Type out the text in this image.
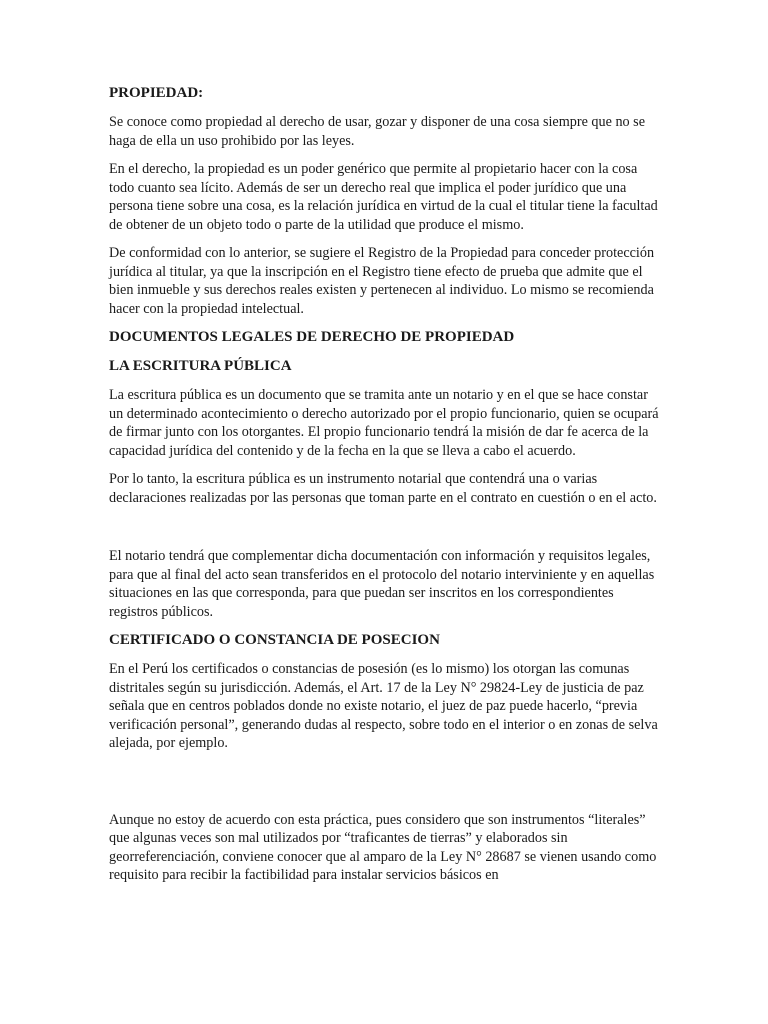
PROPIEDAD:

Se conoce como propiedad al derecho de usar, gozar y disponer de una cosa siempre que no se haga de ella un uso prohibido por las leyes.

En el derecho, la propiedad es un poder genérico que permite al propietario hacer con la cosa todo cuanto sea lícito. Además de ser un derecho real que implica el poder jurídico que una persona tiene sobre una cosa, es la relación jurídica en virtud de la cual el titular tiene la facultad de obtener de un objeto todo o parte de la utilidad que produce el mismo.

De conformidad con lo anterior, se sugiere el Registro de la Propiedad para conceder protección jurídica al titular, ya que la inscripción en el Registro tiene efecto de prueba que admite que el bien inmueble y sus derechos reales existen y pertenecen al individuo. Lo mismo se recomienda hacer con la propiedad intelectual.

DOCUMENTOS LEGALES DE DERECHO DE PROPIEDAD
LA ESCRITURA PÚBLICA

La escritura pública es un documento que se tramita ante un notario y en el que se hace constar un determinado acontecimiento o derecho autorizado por el propio funcionario, quien se ocupará de firmar junto con los otorgantes. El propio funcionario tendrá la misión de dar fe acerca de la capacidad jurídica del contenido y de la fecha en la que se lleva a cabo el acuerdo.

Por lo tanto, la escritura pública es un instrumento notarial que contendrá una o varias declaraciones realizadas por las personas que toman parte en el contrato en cuestión o en el acto.

El notario tendrá que complementar dicha documentación con información y requisitos legales, para que al final del acto sean transferidos en el protocolo del notario interviniente y en aquellas situaciones en las que corresponda, para que puedan ser inscritos en los correspondientes registros públicos.

CERTIFICADO O CONSTANCIA DE POSECION

En el Perú los certificados o constancias de posesión (es lo mismo) los otorgan las comunas distritales según su jurisdicción. Además, el Art. 17 de la Ley N° 29824-Ley de justicia de paz señala que en centros poblados donde no existe notario, el juez de paz puede hacerlo, “previa verificación personal”, generando dudas al respecto, sobre todo en el interior o en zonas de selva alejada, por ejemplo.

Aunque no estoy de acuerdo con esta práctica, pues considero que son instrumentos “literales” que algunas veces son mal utilizados por “traficantes de tierras” y elaborados sin georreferenciación, conviene conocer que al amparo de la Ley N° 28687 se vienen usando como requisito para recibir la factibilidad para instalar servicios básicos en
